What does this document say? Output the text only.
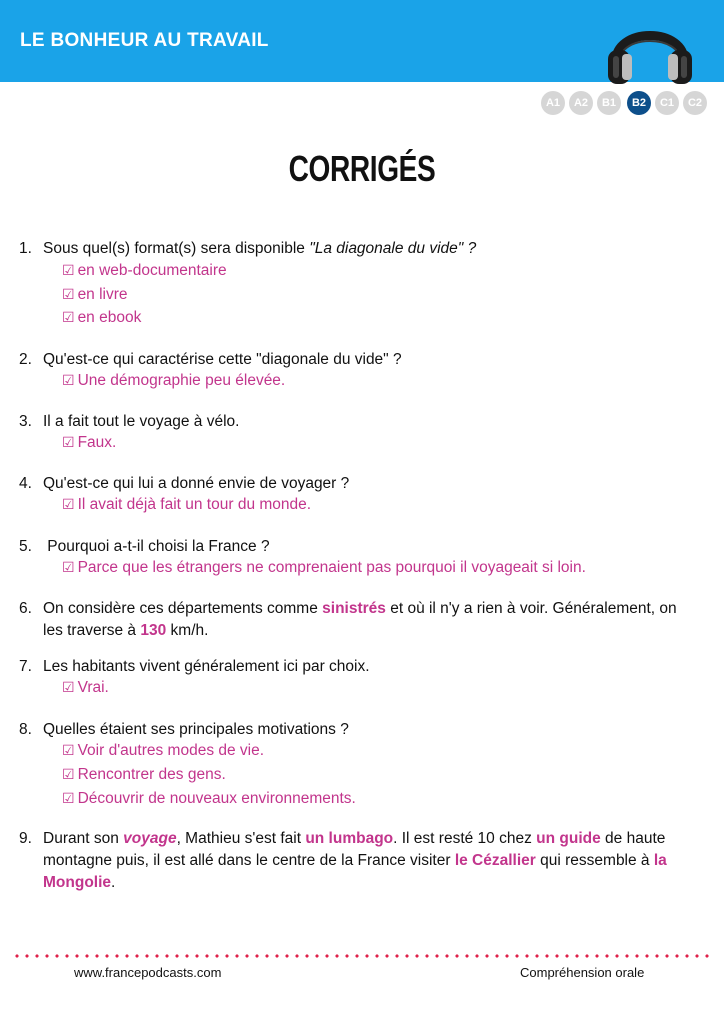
LE BONHEUR AU TRAVAIL
A1	A2	B1	B2	C1	C2
CORRIGÉS
1. Sous quel(s) format(s) sera disponible "La diagonale du vide" ?
☑ en web-documentaire
☑ en livre
☑ en ebook
2. Qu'est-ce qui caractérise cette "diagonale du vide" ?
☑ Une démographie peu élevée.
3. Il a fait tout le voyage à vélo.
☑ Faux.
4. Qu'est-ce qui lui a donné envie de voyager ?
☑ Il avait déjà fait un tour du monde.
5. Pourquoi a-t-il choisi la France ?
☑ Parce que les étrangers ne comprenaient pas pourquoi il voyageait si loin.
6. On considère ces départements comme sinistrés et où il n'y a rien à voir. Généralement, on les traverse à 130 km/h.
7. Les habitants vivent généralement ici par choix.
☑ Vrai.
8. Quelles étaient ses principales motivations ?
☑ Voir d'autres modes de vie.
☑ Rencontrer des gens.
☑ Découvrir de nouveaux environnements.
9. Durant son voyage, Mathieu s'est fait un lumbago. Il est resté 10 chez un guide de haute montagne puis, il est allé dans le centre de la France visiter le Cézallier qui ressemble à la Mongolie.
www.francepodcasts.com	Compréhension orale
